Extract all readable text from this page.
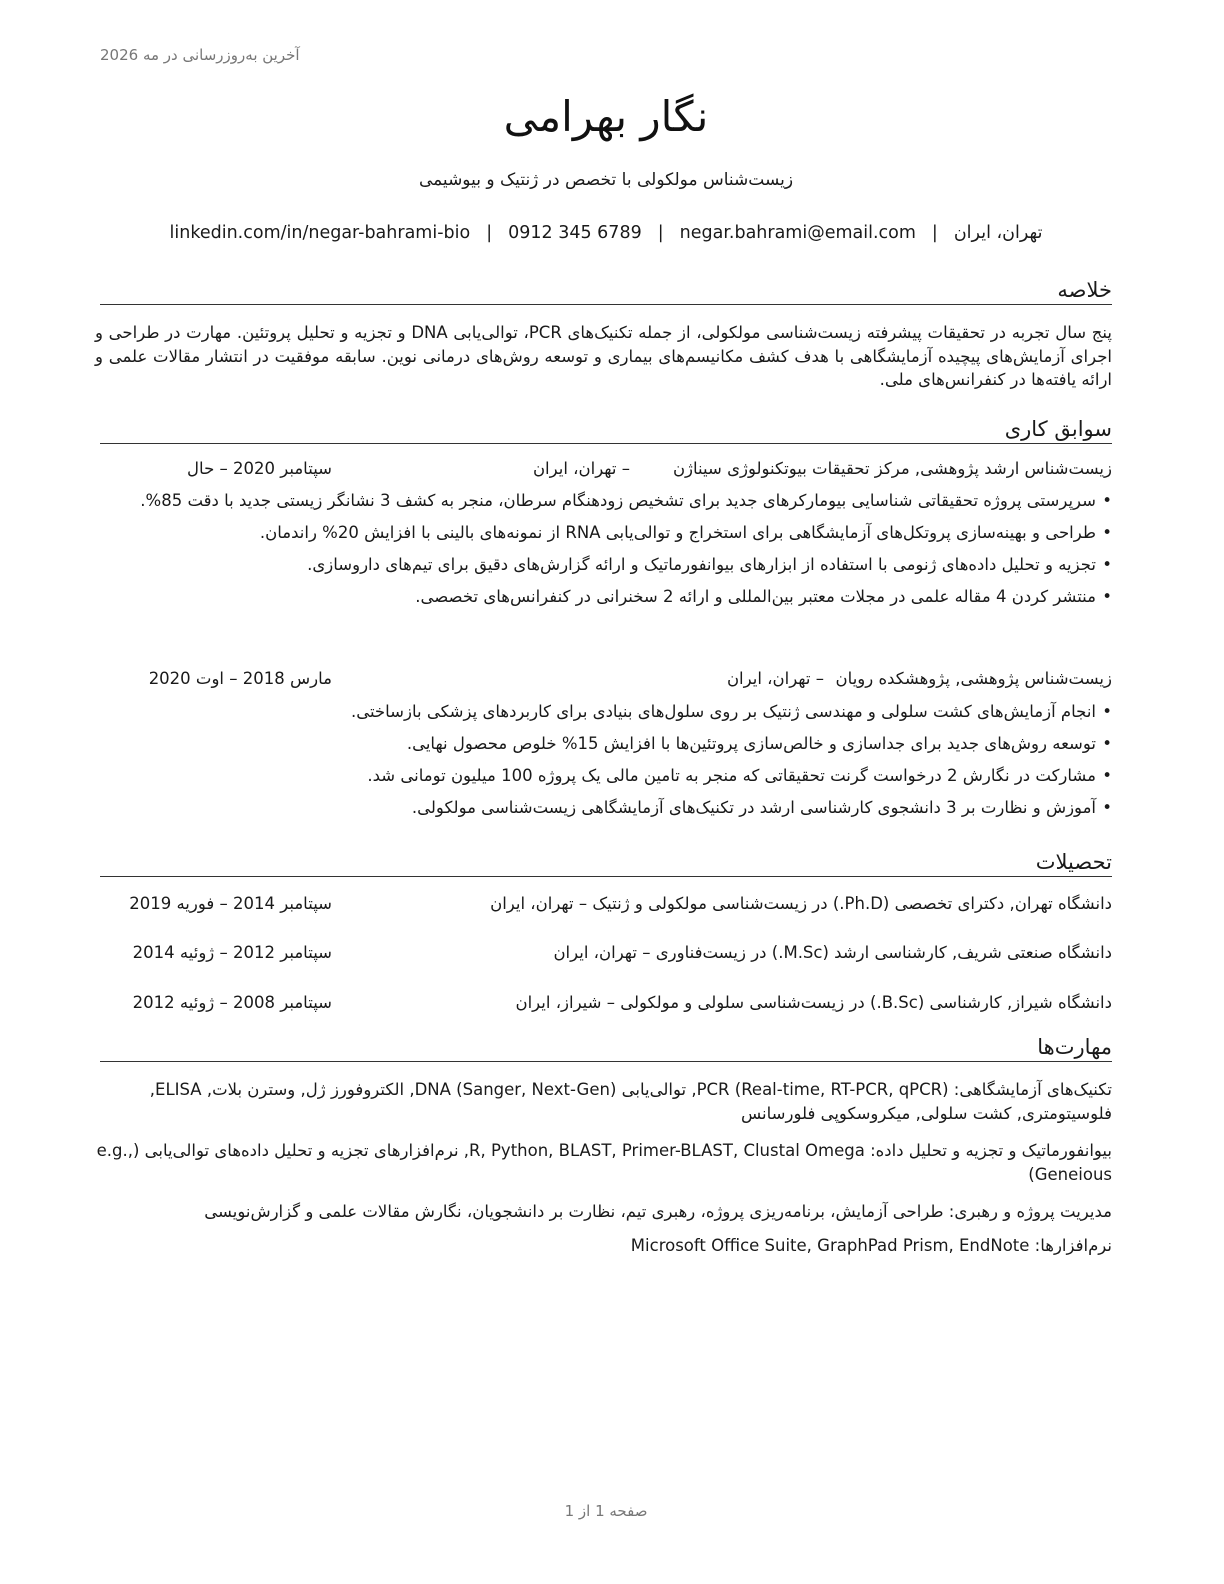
آخرین به‌روزرسانی در مه 2026
نگار بهرامی
زیست‌شناس مولکولی با تخصص در ژنتیک و بیوشیمی
تهران، ایران|negar.bahrami@email.com|0912 345 6789|linkedin.com/in/negar-bahrami-bio
خلاصه
پنج سال تجربه در تحقیقات پیشرفته زیست‌شناسی مولکولی، از جمله تکنیک‌های PCR، توالی‌یابی DNA و تجزیه و تحلیل پروتئین. مهارت در طراحی و اجرای آزمایش‌های پیچیده آزمایشگاهی با هدف کشف مکانیسم‌های بیماری و توسعه روش‌های درمانی نوین. سابقه موفقیت در انتشار مقالات علمی و ارائه یافته‌ها در کنفرانس‌های ملی.
سوابق کاری
زیست‌شناس ارشد پژوهشی, مرکز تحقیقات بیوتکنولوژی سیناژن
– تهران، ایران
سپتامبر 2020 – حال
• سرپرستی پروژه تحقیقاتی شناسایی بیومارکرهای جدید برای تشخیص زودهنگام سرطان، منجر به کشف 3 نشانگر زیستی جدید با دقت 85%.
• طراحی و بهینه‌سازی پروتکل‌های آزمایشگاهی برای استخراج و توالی‌یابی RNA از نمونه‌های بالینی با افزایش 20% راندمان.
• تجزیه و تحلیل داده‌های ژنومی با استفاده از ابزارهای بیوانفورماتیک و ارائه گزارش‌های دقیق برای تیم‌های داروسازی.
• منتشر کردن 4 مقاله علمی در مجلات معتبر بین‌المللی و ارائه 2 سخنرانی در کنفرانس‌های تخصصی.
زیست‌شناس پژوهشی, پژوهشکده رویان
– تهران، ایران
مارس 2018 – اوت 2020
• انجام آزمایش‌های کشت سلولی و مهندسی ژنتیک بر روی سلول‌های بنیادی برای کاربردهای پزشکی بازساختی.
• توسعه روش‌های جدید برای جداسازی و خالص‌سازی پروتئین‌ها با افزایش 15% خلوص محصول نهایی.
• مشارکت در نگارش 2 درخواست گرنت تحقیقاتی که منجر به تامین مالی یک پروژه 100 میلیون تومانی شد.
• آموزش و نظارت بر 3 دانشجوی کارشناسی ارشد در تکنیک‌های آزمایشگاهی زیست‌شناسی مولکولی.
تحصیلات
دانشگاه تهران, دکترای تخصصی (Ph.D.) در زیست‌شناسی مولکولی و ژنتیک – تهران، ایران
سپتامبر 2014 – فوریه 2019
دانشگاه صنعتی شریف, کارشناسی ارشد (M.Sc.) در زیست‌فناوری – تهران، ایران
سپتامبر 2012 – ژوئیه 2014
دانشگاه شیراز, کارشناسی (B.Sc.) در زیست‌شناسی سلولی و مولکولی – شیراز، ایران
سپتامبر 2008 – ژوئیه 2012
مهارت‌ها
تکنیک‌های آزمایشگاهی: PCR (Real-time, RT-PCR, qPCR), توالی‌یابی DNA (Sanger, Next-Gen), الکتروفورز ژل, وسترن بلات, ELISA, فلوسیتومتری, کشت سلولی, میکروسکوپی فلورسانس
بیوانفورماتیک و تجزیه و تحلیل داده: R, Python, BLAST, Primer-BLAST, Clustal Omega, نرم‌افزارهای تجزیه و تحلیل داده‌های توالی‌یابی (e.g., Geneious)
مدیریت پروژه و رهبری: طراحی آزمایش، برنامه‌ریزی پروژه، رهبری تیم، نظارت بر دانشجویان، نگارش مقالات علمی و گزارش‌نویسی
نرم‌افزارها: Microsoft Office Suite, GraphPad Prism, EndNote
صفحه 1 از 1
